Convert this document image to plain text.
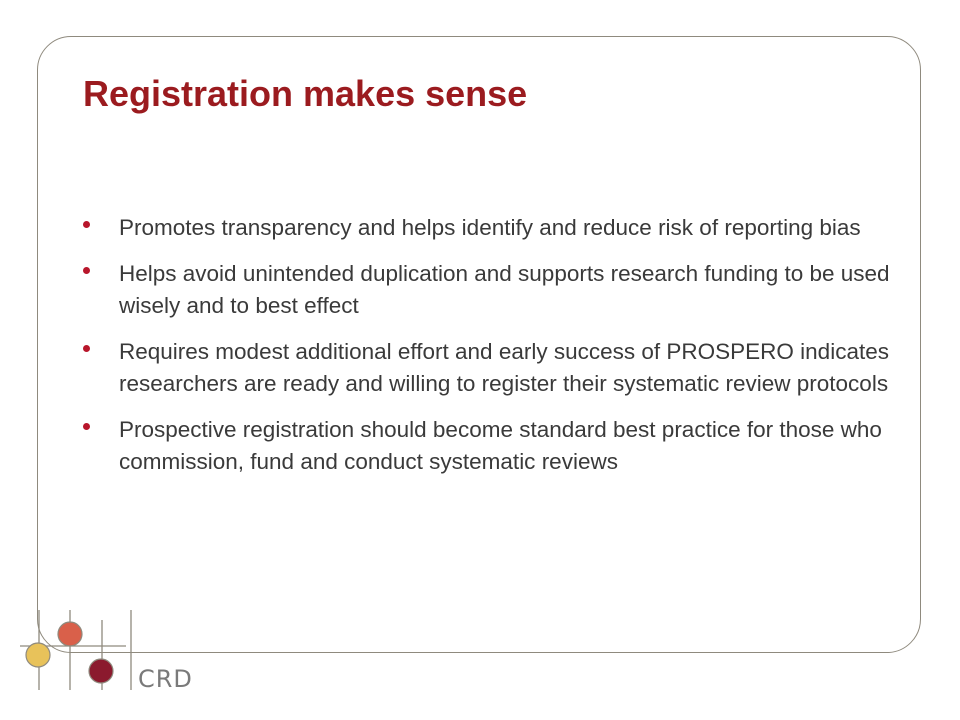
Registration makes sense
Promotes transparency and helps identify and reduce risk of reporting bias
Helps avoid unintended duplication and supports research funding to be used wisely and to best effect
Requires modest additional effort and early success of PROSPERO indicates researchers are ready and willing to register their systematic review protocols
Prospective registration should become standard best practice for those who commission, fund and conduct systematic reviews
CRD
